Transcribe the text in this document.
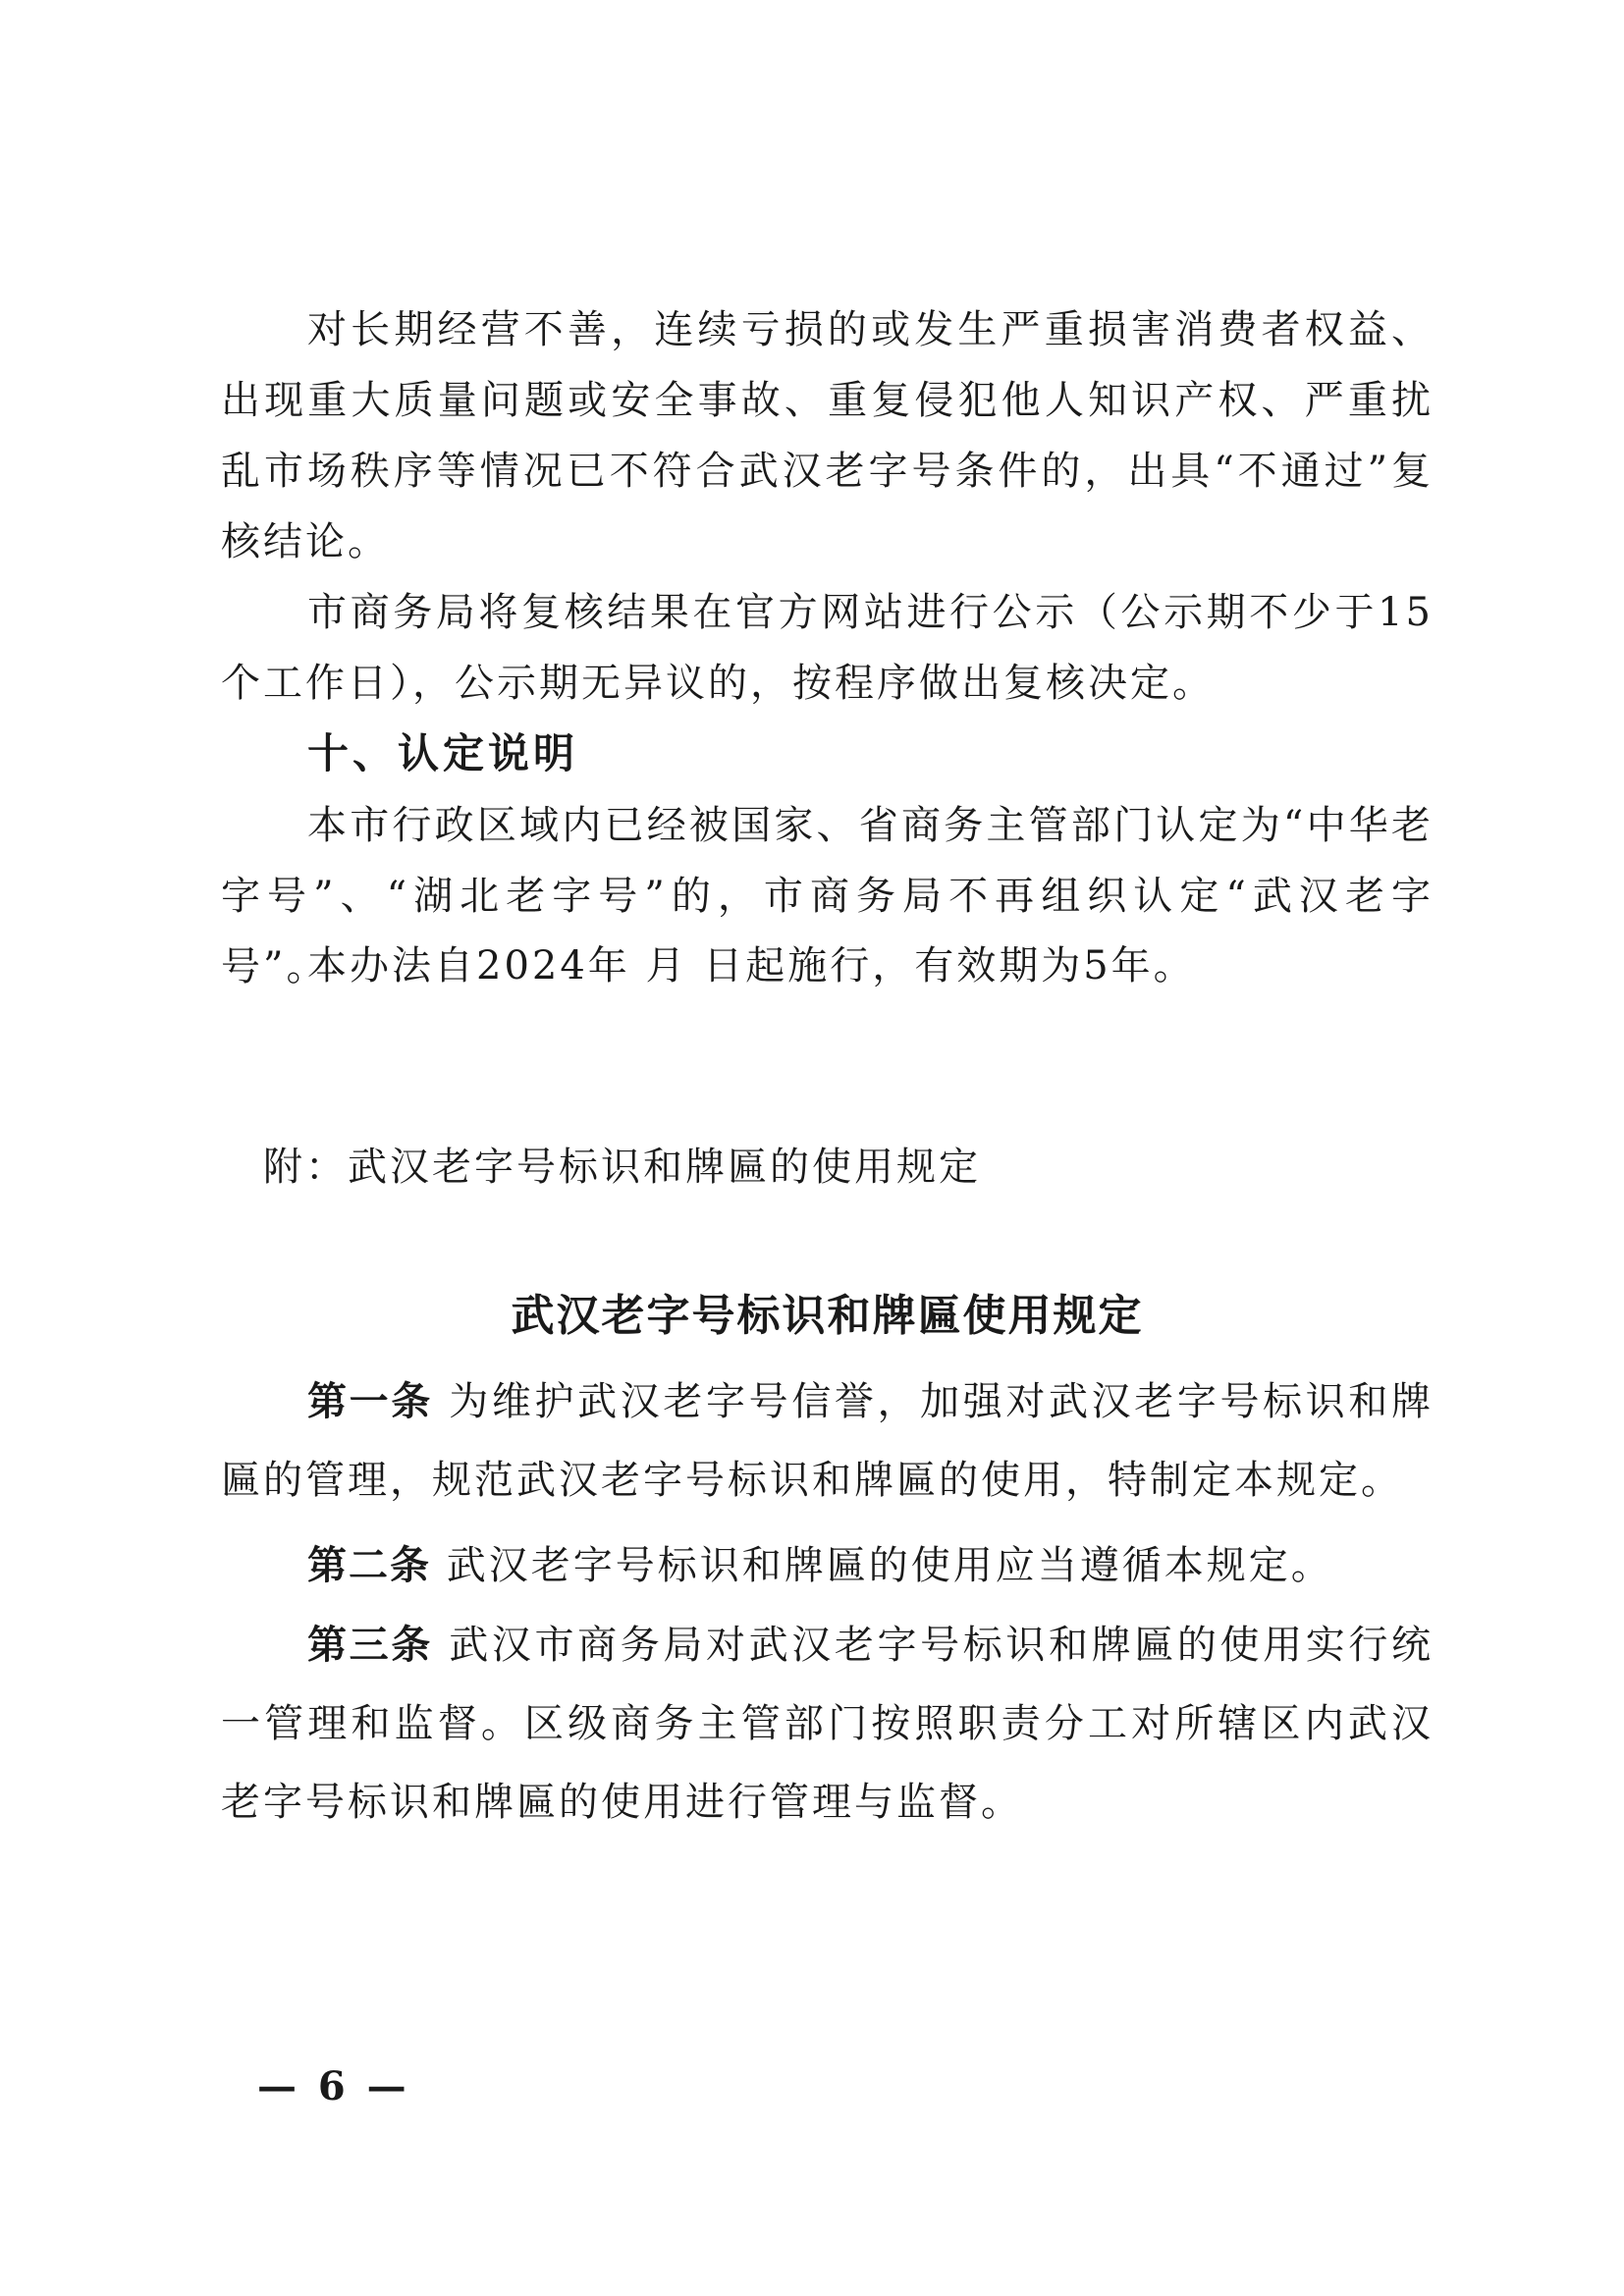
对长期经营不善，连续亏损的或发生严重损害消费者权益、出现重大质量问题或安全事故、重复侵犯他人知识产权、严重扰乱市场秩序等情况已不符合武汉老字号条件的，出具“不通过”复核结论。

市商务局将复核结果在官方网站进行公示（公示期不少于15个工作日），公示期无异议的，按程序做出复核决定。

十、认定说明

本市行政区域内已经被国家、省商务主管部门认定为“中华老字号”、“湖北老字号”的，市商务局不再组织认定“武汉老字号”。

本办法自2024年 月 日起施行，有效期为5年。

附：武汉老字号标识和牌匾的使用规定
武汉老字号标识和牌匾使用规定

第一条 为维护武汉老字号信誉，加强对武汉老字号标识和牌匾的管理，规范武汉老字号标识和牌匾的使用，特制定本规定。

第二条 武汉老字号标识和牌匾的使用应当遵循本规定。

第三条 武汉市商务局对武汉老字号标识和牌匾的使用实行统一管理和监督。区级商务主管部门按照职责分工对所辖区内武汉老字号标识和牌匾的使用进行管理与监督。

— 6 —
